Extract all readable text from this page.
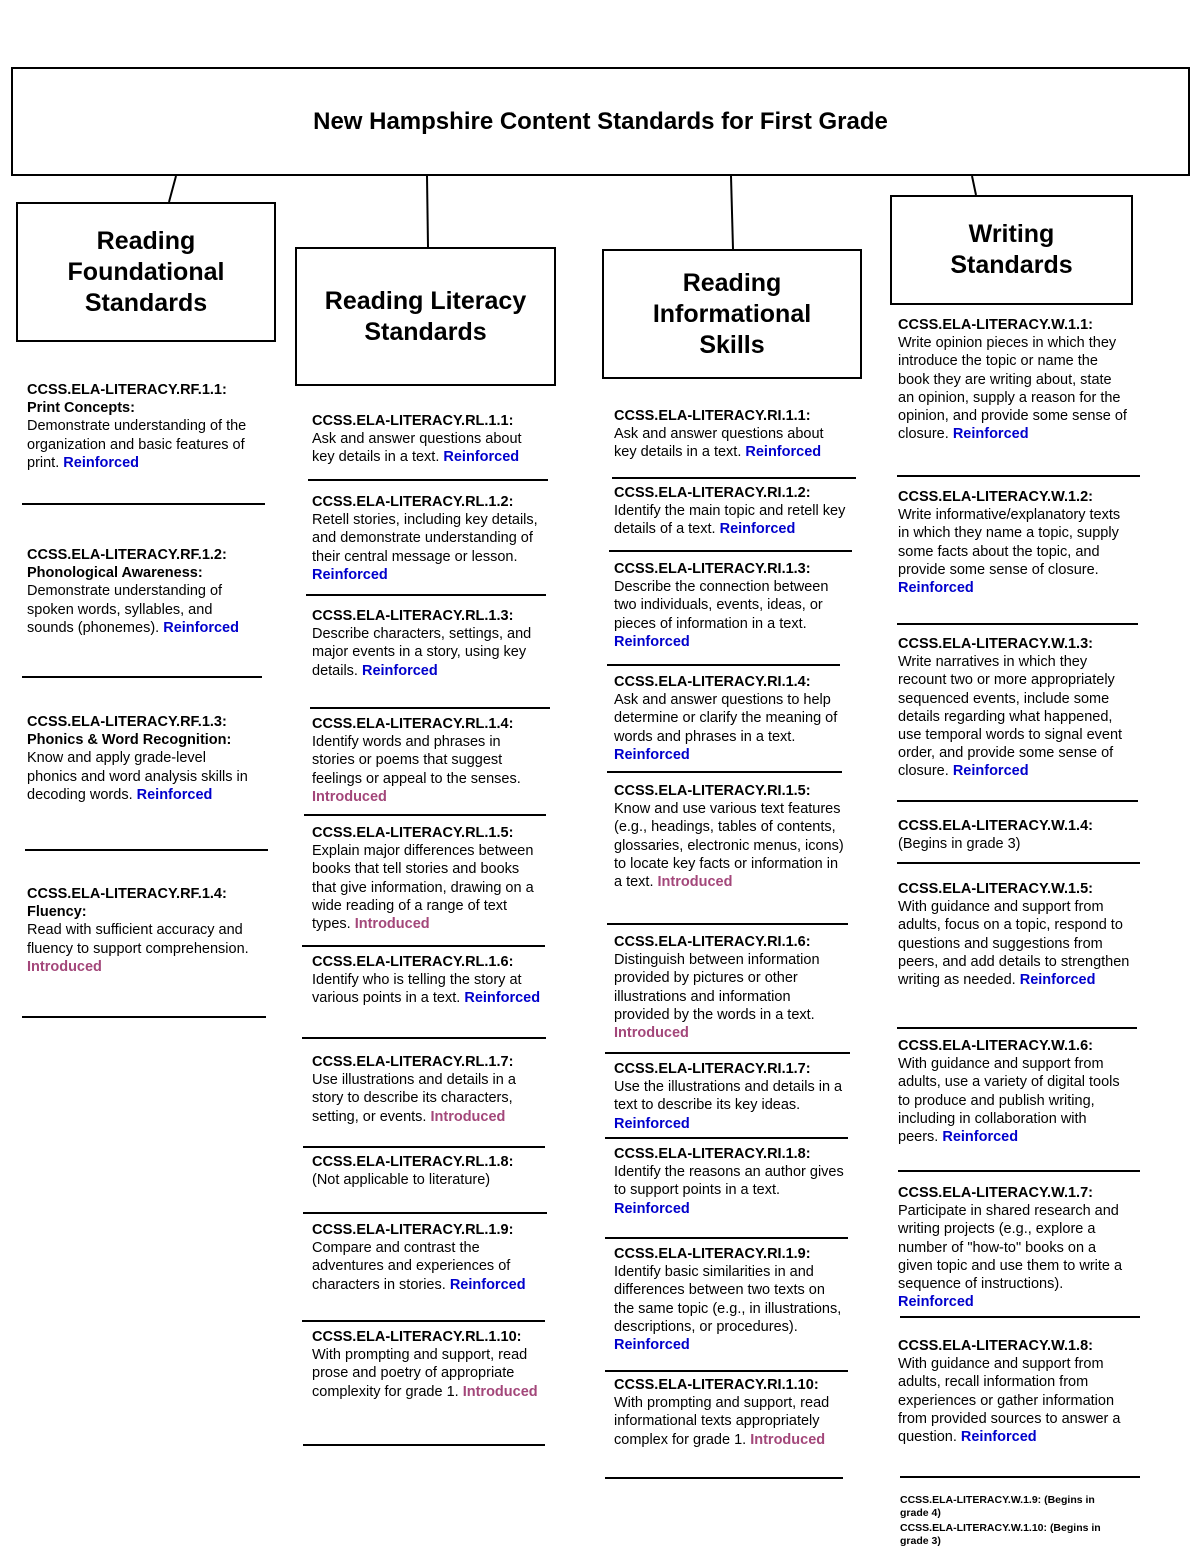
New Hampshire Content Standards for First Grade
Reading
Foundational
Standards	Reading Literacy
Standards
Reading
Informational
Skills
Writing
Standards
CCSS.ELA-LITERACY.RF.1.1:
Print Concepts:
Demonstrate understanding of the organization and basic features of print. Reinforced
CCSS.ELA-LITERACY.RF.1.2:
Phonological Awareness:
Demonstrate understanding of spoken words, syllables, and sounds (phonemes). Reinforced
CCSS.ELA-LITERACY.RF.1.3:
Phonics & Word Recognition:
Know and apply grade-level phonics and word analysis skills in decoding words. Reinforced
CCSS.ELA-LITERACY.RF.1.4:
Fluency:
Read with sufficient accuracy and fluency to support comprehension. Introduced
CCSS.ELA-LITERACY.RL.1.1:
Ask and answer questions about key details in a text. Reinforced
CCSS.ELA-LITERACY.RL.1.2:
Retell stories, including key details, and demonstrate understanding of their central message or lesson. Reinforced
CCSS.ELA-LITERACY.RL.1.3:
Describe characters, settings, and major events in a story, using key details. Reinforced
CCSS.ELA-LITERACY.RL.1.4:
Identify words and phrases in stories or poems that suggest feelings or appeal to the senses. Introduced
CCSS.ELA-LITERACY.RL.1.5:
Explain major differences between books that tell stories and books that give information, drawing on a wide reading of a range of text types. Introduced
CCSS.ELA-LITERACY.RL.1.6:
Identify who is telling the story at various points in a text. Reinforced
CCSS.ELA-LITERACY.RL.1.7:
Use illustrations and details in a story to describe its characters, setting, or events. Introduced
CCSS.ELA-LITERACY.RL.1.8:
(Not applicable to literature)
CCSS.ELA-LITERACY.RL.1.9:
Compare and contrast the adventures and experiences of characters in stories. Reinforced
CCSS.ELA-LITERACY.RL.1.10:
With prompting and support, read prose and poetry of appropriate complexity for grade 1. Introduced
CCSS.ELA-LITERACY.RI.1.1:
Ask and answer questions about key details in a text. Reinforced
CCSS.ELA-LITERACY.RI.1.2:
Identify the main topic and retell key details of a text. Reinforced
CCSS.ELA-LITERACY.RI.1.3:
Describe the connection between two individuals, events, ideas, or pieces of information in a text. Reinforced
CCSS.ELA-LITERACY.RI.1.4:
Ask and answer questions to help determine or clarify the meaning of words and phrases in a text. Reinforced
CCSS.ELA-LITERACY.RI.1.5:
Know and use various text features (e.g., headings, tables of contents, glossaries, electronic menus, icons) to locate key facts or information in a text. Introduced
CCSS.ELA-LITERACY.RI.1.6:
Distinguish between information provided by pictures or other illustrations and information provided by the words in a text. Introduced
CCSS.ELA-LITERACY.RI.1.7:
Use the illustrations and details in a text to describe its key ideas. Reinforced
CCSS.ELA-LITERACY.RI.1.8:
Identify the reasons an author gives to support points in a text. Reinforced
CCSS.ELA-LITERACY.RI.1.9:
Identify basic similarities in and differences between two texts on the same topic (e.g., in illustrations, descriptions, or procedures). Reinforced
CCSS.ELA-LITERACY.RI.1.10:
With prompting and support, read informational texts appropriately complex for grade 1. Introduced
CCSS.ELA-LITERACY.W.1.1:
Write opinion pieces in which they introduce the topic or name the book they are writing about, state an opinion, supply a reason for the opinion, and provide some sense of closure. Reinforced
CCSS.ELA-LITERACY.W.1.2:
Write informative/explanatory texts in which they name a topic, supply some facts about the topic, and provide some sense of closure. Reinforced
CCSS.ELA-LITERACY.W.1.3:
Write narratives in which they recount two or more appropriately sequenced events, include some details regarding what happened, use temporal words to signal event order, and provide some sense of closure. Reinforced
CCSS.ELA-LITERACY.W.1.4:
(Begins in grade 3)
CCSS.ELA-LITERACY.W.1.5:
With guidance and support from adults, focus on a topic, respond to questions and suggestions from peers, and add details to strengthen writing as needed. Reinforced
CCSS.ELA-LITERACY.W.1.6:
With guidance and support from adults, use a variety of digital tools to produce and publish writing, including in collaboration with peers. Reinforced
CCSS.ELA-LITERACY.W.1.7:
Participate in shared research and writing projects (e.g., explore a number of "how-to" books on a given topic and use them to write a sequence of instructions). Reinforced
CCSS.ELA-LITERACY.W.1.8:
With guidance and support from adults, recall information from experiences or gather information from provided sources to answer a question. Reinforced
CCSS.ELA-LITERACY.W.1.9: (Begins in grade 4)
CCSS.ELA-LITERACY.W.1.10: (Begins in grade 3)
